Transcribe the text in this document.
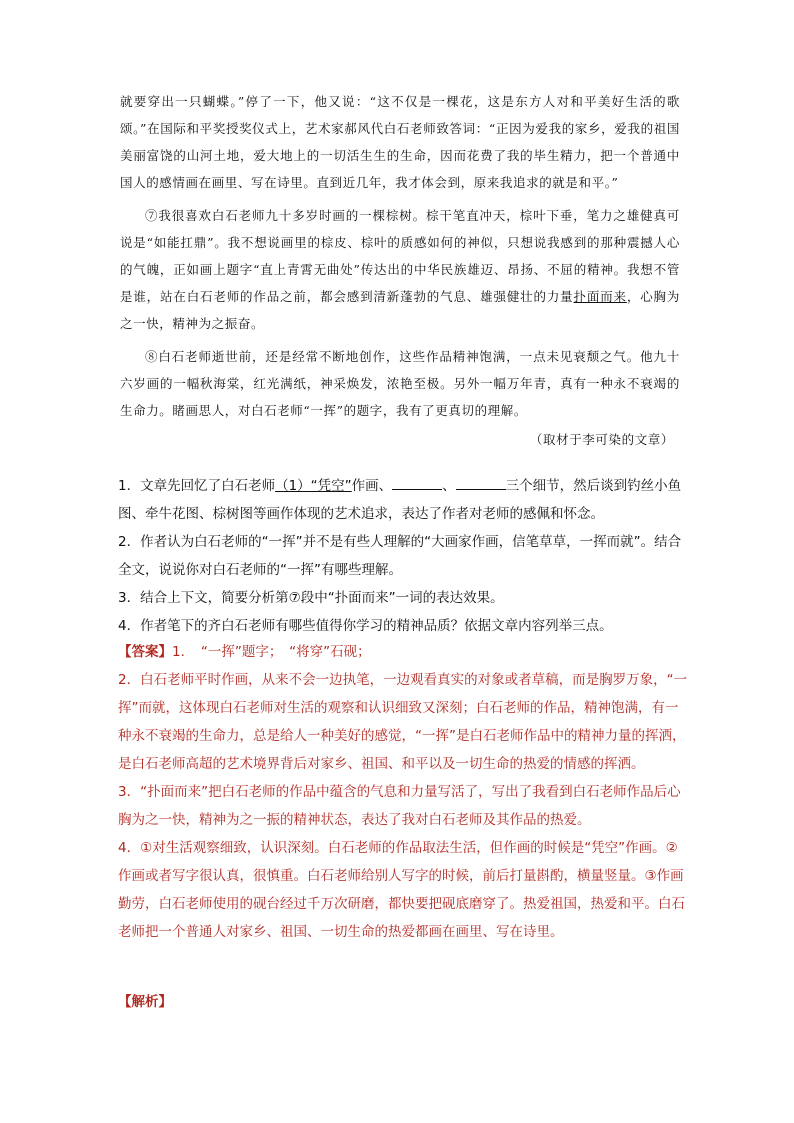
就要穿出一只蝴蝶。”停了一下，他又说：“这不仅是一棵花，这是东方人对和平美好生活的歌颂。”在国际和平奖授奖仪式上，艺术家郝风代白石老师致答词：“正因为爱我的家乡，爱我的祖国美丽富饶的山河土地，爱大地上的一切活生生的生命，因而花费了我的毕生精力，把一个普通中国人的感情画在画里、写在诗里。直到近几年，我才体会到，原来我追求的就是和平。”

⑦我很喜欢白石老师九十多岁时画的一棵棕树。棕干笔直冲天，棕叶下垂，笔力之雄健真可说是“如能扛鼎”。我不想说画里的棕皮、棕叶的质感如何的神似，只想说我感到的那种震撼人心的气魄，正如画上题字“直上青霄无曲处”传达出的中华民族雄迈、昂扬、不屈的精神。我想不管是谁，站在白石老师的作品之前，都会感到清新蓬勃的气息、雄强健壮的力量扑面而来，心胸为之一快，精神为之振奋。

⑧白石老师逝世前，还是经常不断地创作，这些作品精神饱满，一点未见衰颓之气。他九十六岁画的一幅秋海棠，红光满纸，神采焕发，浓艳至极。另外一幅万年青，真有一种永不衰竭的生命力。睹画思人，对白石老师“一挥”的题字，我有了更真切的理解。

（取材于李可染的文章）

1．文章先回忆了白石老师（1）“凭空”作画、	、	三个细节，然后谈到钓丝小鱼图、牵牛花图、棕树图等画作体现的艺术追求，表达了作者对老师的感佩和怀念。

2．作者认为白石老师的“一挥”并不是有些人理解的“大画家作画，信笔草草，一挥而就”。结合全文，说说你对白石老师的“一挥”有哪些理解。

3．结合上下文，简要分析第⑦段中“扑面而来”一词的表达效果。

4．作者笔下的齐白石老师有哪些值得你学习的精神品质？依据文章内容列举三点。

【答案】1．　“一挥”题字；　“将穿”石砚；

2．白石老师平时作画，从来不会一边执笔，一边观看真实的对象或者草稿，而是胸罗万象，“一挥”而就，这体现白石老师对生活的观察和认识细致又深刻；白石老师的作品，精神饱满，有一种永不衰竭的生命力，总是给人一种美好的感觉，“一挥”是白石老师作品中的精神力量的挥洒，是白石老师高超的艺术境界背后对家乡、祖国、和平以及一切生命的热爱的情感的挥洒。

3．“扑面而来”把白石老师的作品中蕴含的气息和力量写活了，写出了我看到白石老师作品后心胸为之一快，精神为之一振的精神状态，表达了我对白石老师及其作品的热爱。

4．①对生活观察细致，认识深刻。白石老师的作品取法生活，但作画的时候是“凭空”作画。②作画或者写字很认真，很慎重。白石老师给别人写字的时候，前后打量斟酌，横量竖量。③作画勤劳，白石老师使用的砚台经过千万次研磨，都快要把砚底磨穿了。热爱祖国，热爱和平。白石老师把一个普通人对家乡、祖国、一切生命的热爱都画在画里、写在诗里。

【解析】
